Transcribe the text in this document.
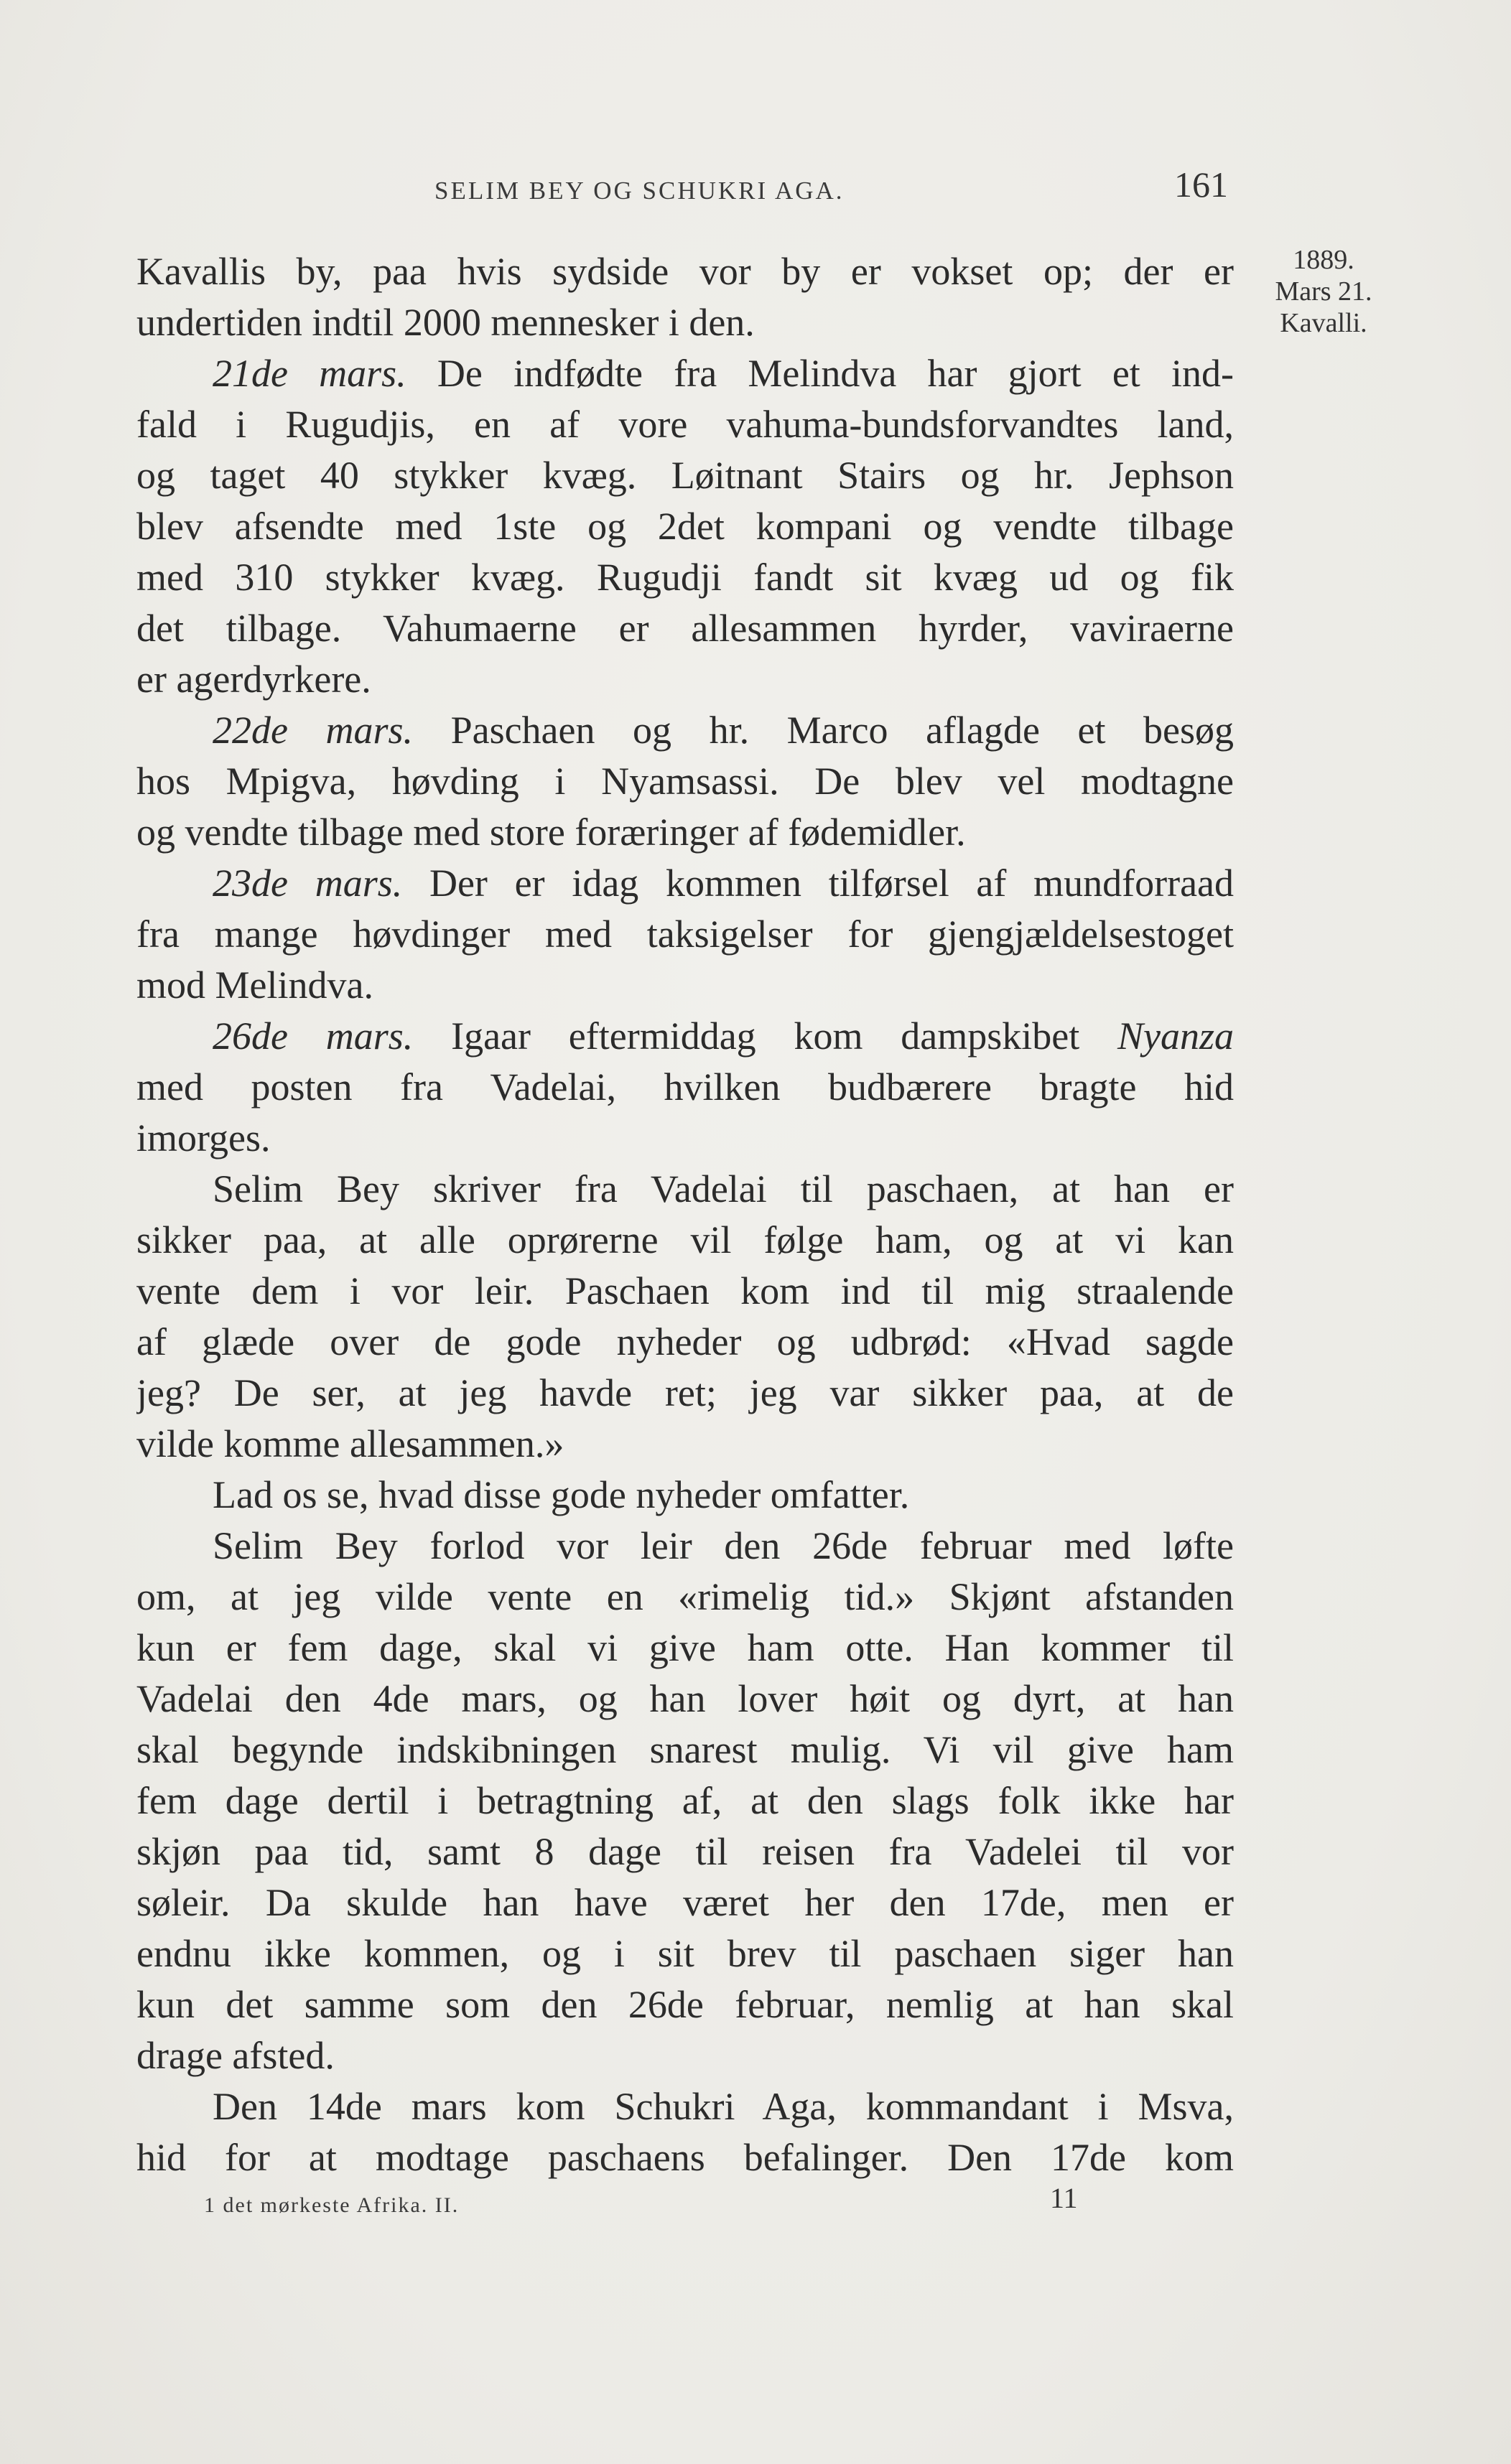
SELIM BEY OG SCHUKRI AGA.	161
1889.
Mars 21.
Kavalli.
Kavallis by, paa hvis sydside vor by er vokset op; der er
undertiden indtil 2000 mennesker i den.
21de mars. De indfødte fra Melindva har gjort et ind-
fald i Rugudjis, en af vore vahuma-bundsforvandtes land,
og taget 40 stykker kvæg. Løitnant Stairs og hr. Jephson
blev afsendte med 1ste og 2det kompani og vendte tilbage
med 310 stykker kvæg. Rugudji fandt sit kvæg ud og fik
det tilbage. Vahumaerne er allesammen hyrder, vaviraerne
er agerdyrkere.
22de mars. Paschaen og hr. Marco aflagde et besøg
hos Mpigva, høvding i Nyamsassi. De blev vel modtagne
og vendte tilbage med store foræringer af fødemidler.
23de mars. Der er idag kommen tilførsel af mundforraad
fra mange høvdinger med taksigelser for gjengjældelsestoget
mod Melindva.
26de mars. Igaar eftermiddag kom dampskibet Nyanza
med posten fra Vadelai, hvilken budbærere bragte hid
imorges.
Selim Bey skriver fra Vadelai til paschaen, at han er
sikker paa, at alle oprørerne vil følge ham, og at vi kan
vente dem i vor leir. Paschaen kom ind til mig straalende
af glæde over de gode nyheder og udbrød: «Hvad sagde
jeg? De ser, at jeg havde ret; jeg var sikker paa, at de
vilde komme allesammen.»
Lad os se, hvad disse gode nyheder omfatter.
Selim Bey forlod vor leir den 26de februar med løfte
om, at jeg vilde vente en «rimelig tid.» Skjønt afstanden
kun er fem dage, skal vi give ham otte. Han kommer til
Vadelai den 4de mars, og han lover høit og dyrt, at han
skal begynde indskibningen snarest mulig. Vi vil give ham
fem dage dertil i betragtning af, at den slags folk ikke har
skjøn paa tid, samt 8 dage til reisen fra Vadelei til vor
søleir. Da skulde han have været her den 17de, men er
endnu ikke kommen, og i sit brev til paschaen siger han
kun det samme som den 26de februar, nemlig at han skal
drage afsted.
Den 14de mars kom Schukri Aga, kommandant i Msva,
hid for at modtage paschaens befalinger. Den 17de kom
1 det mørkeste Afrika. II.	11
